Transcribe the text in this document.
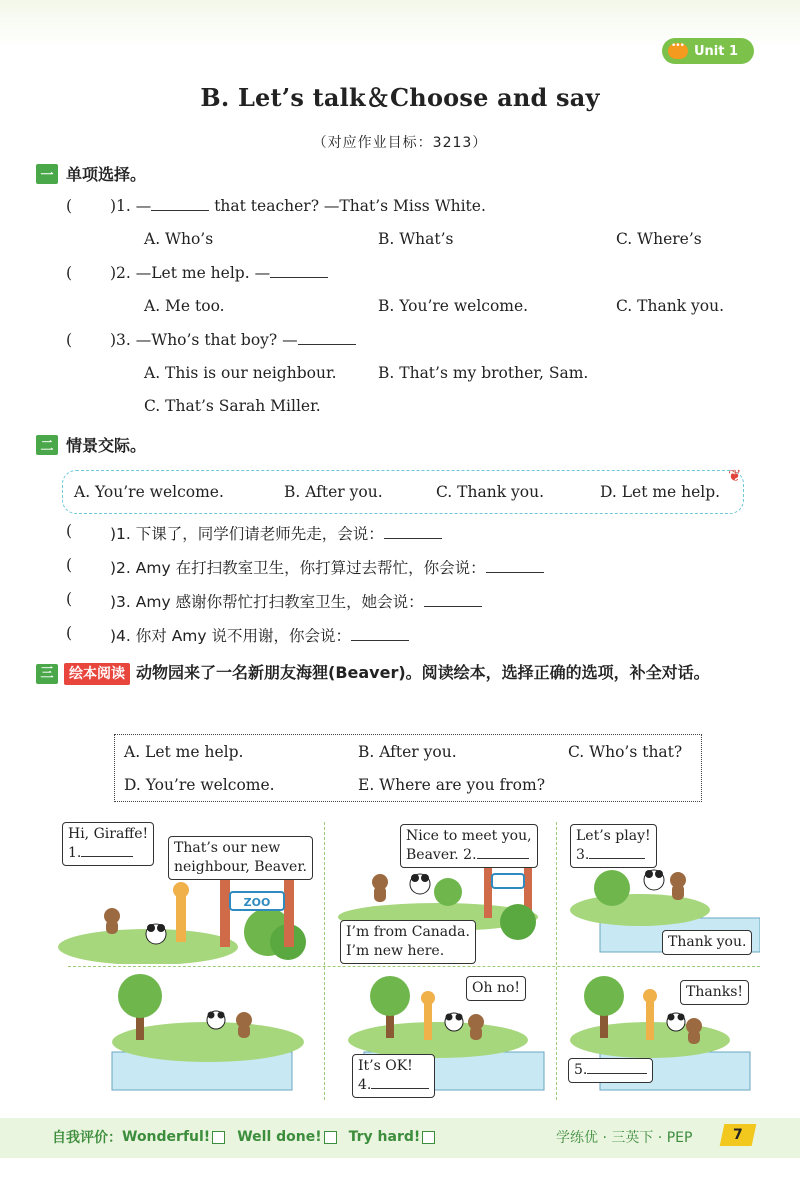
•••
Unit 1
B. Let’s talk＆Choose and say
（对应作业目标：3213）
一 单项选择。
( )1. —	that teacher? —That’s Miss White.
A. Who’s	B. What’s	C. Where’s
( )2. —Let me help. —
A. Me too.	B. You’re welcome.	C. Thank you.
( )3. —Who’s that boy? —
A. This is our neighbour.	B. That’s my brother, Sam.
C. That’s Sarah Miller.
二 情景交际。
❦
A. You’re welcome.	B. After you.	C. Thank you.	D. Let me help.
( )1. 下课了，同学们请老师先走，会说：
( )2. Amy 在打扫教室卫生，你打算过去帮忙，你会说：
( )3. Amy 感谢你帮忙打扫教室卫生，她会说：
( )4. 你对 Amy 说不用谢，你会说：
三 绘本阅读 动物园来了一名新朋友海狸(Beaver)。阅读绘本，选择正确的选项，补全对话。
A. Let me help.	B. After you.	C. Who’s that?
D. You’re welcome.	E. Where are you from?
ZOO
Hi, Giraffe!
1.	That’s our new
neighbour, Beaver.
Nice to meet you,
Beaver. 2.
I’m from Canada.
I’m new here.
Let’s play!
3.
Thank you.
Oh no!
It’s OK!
4.
Thanks!
5.
自我评价： Wonderful! Well done! Try hard!	学练优 · 三英下 · PEP	7
